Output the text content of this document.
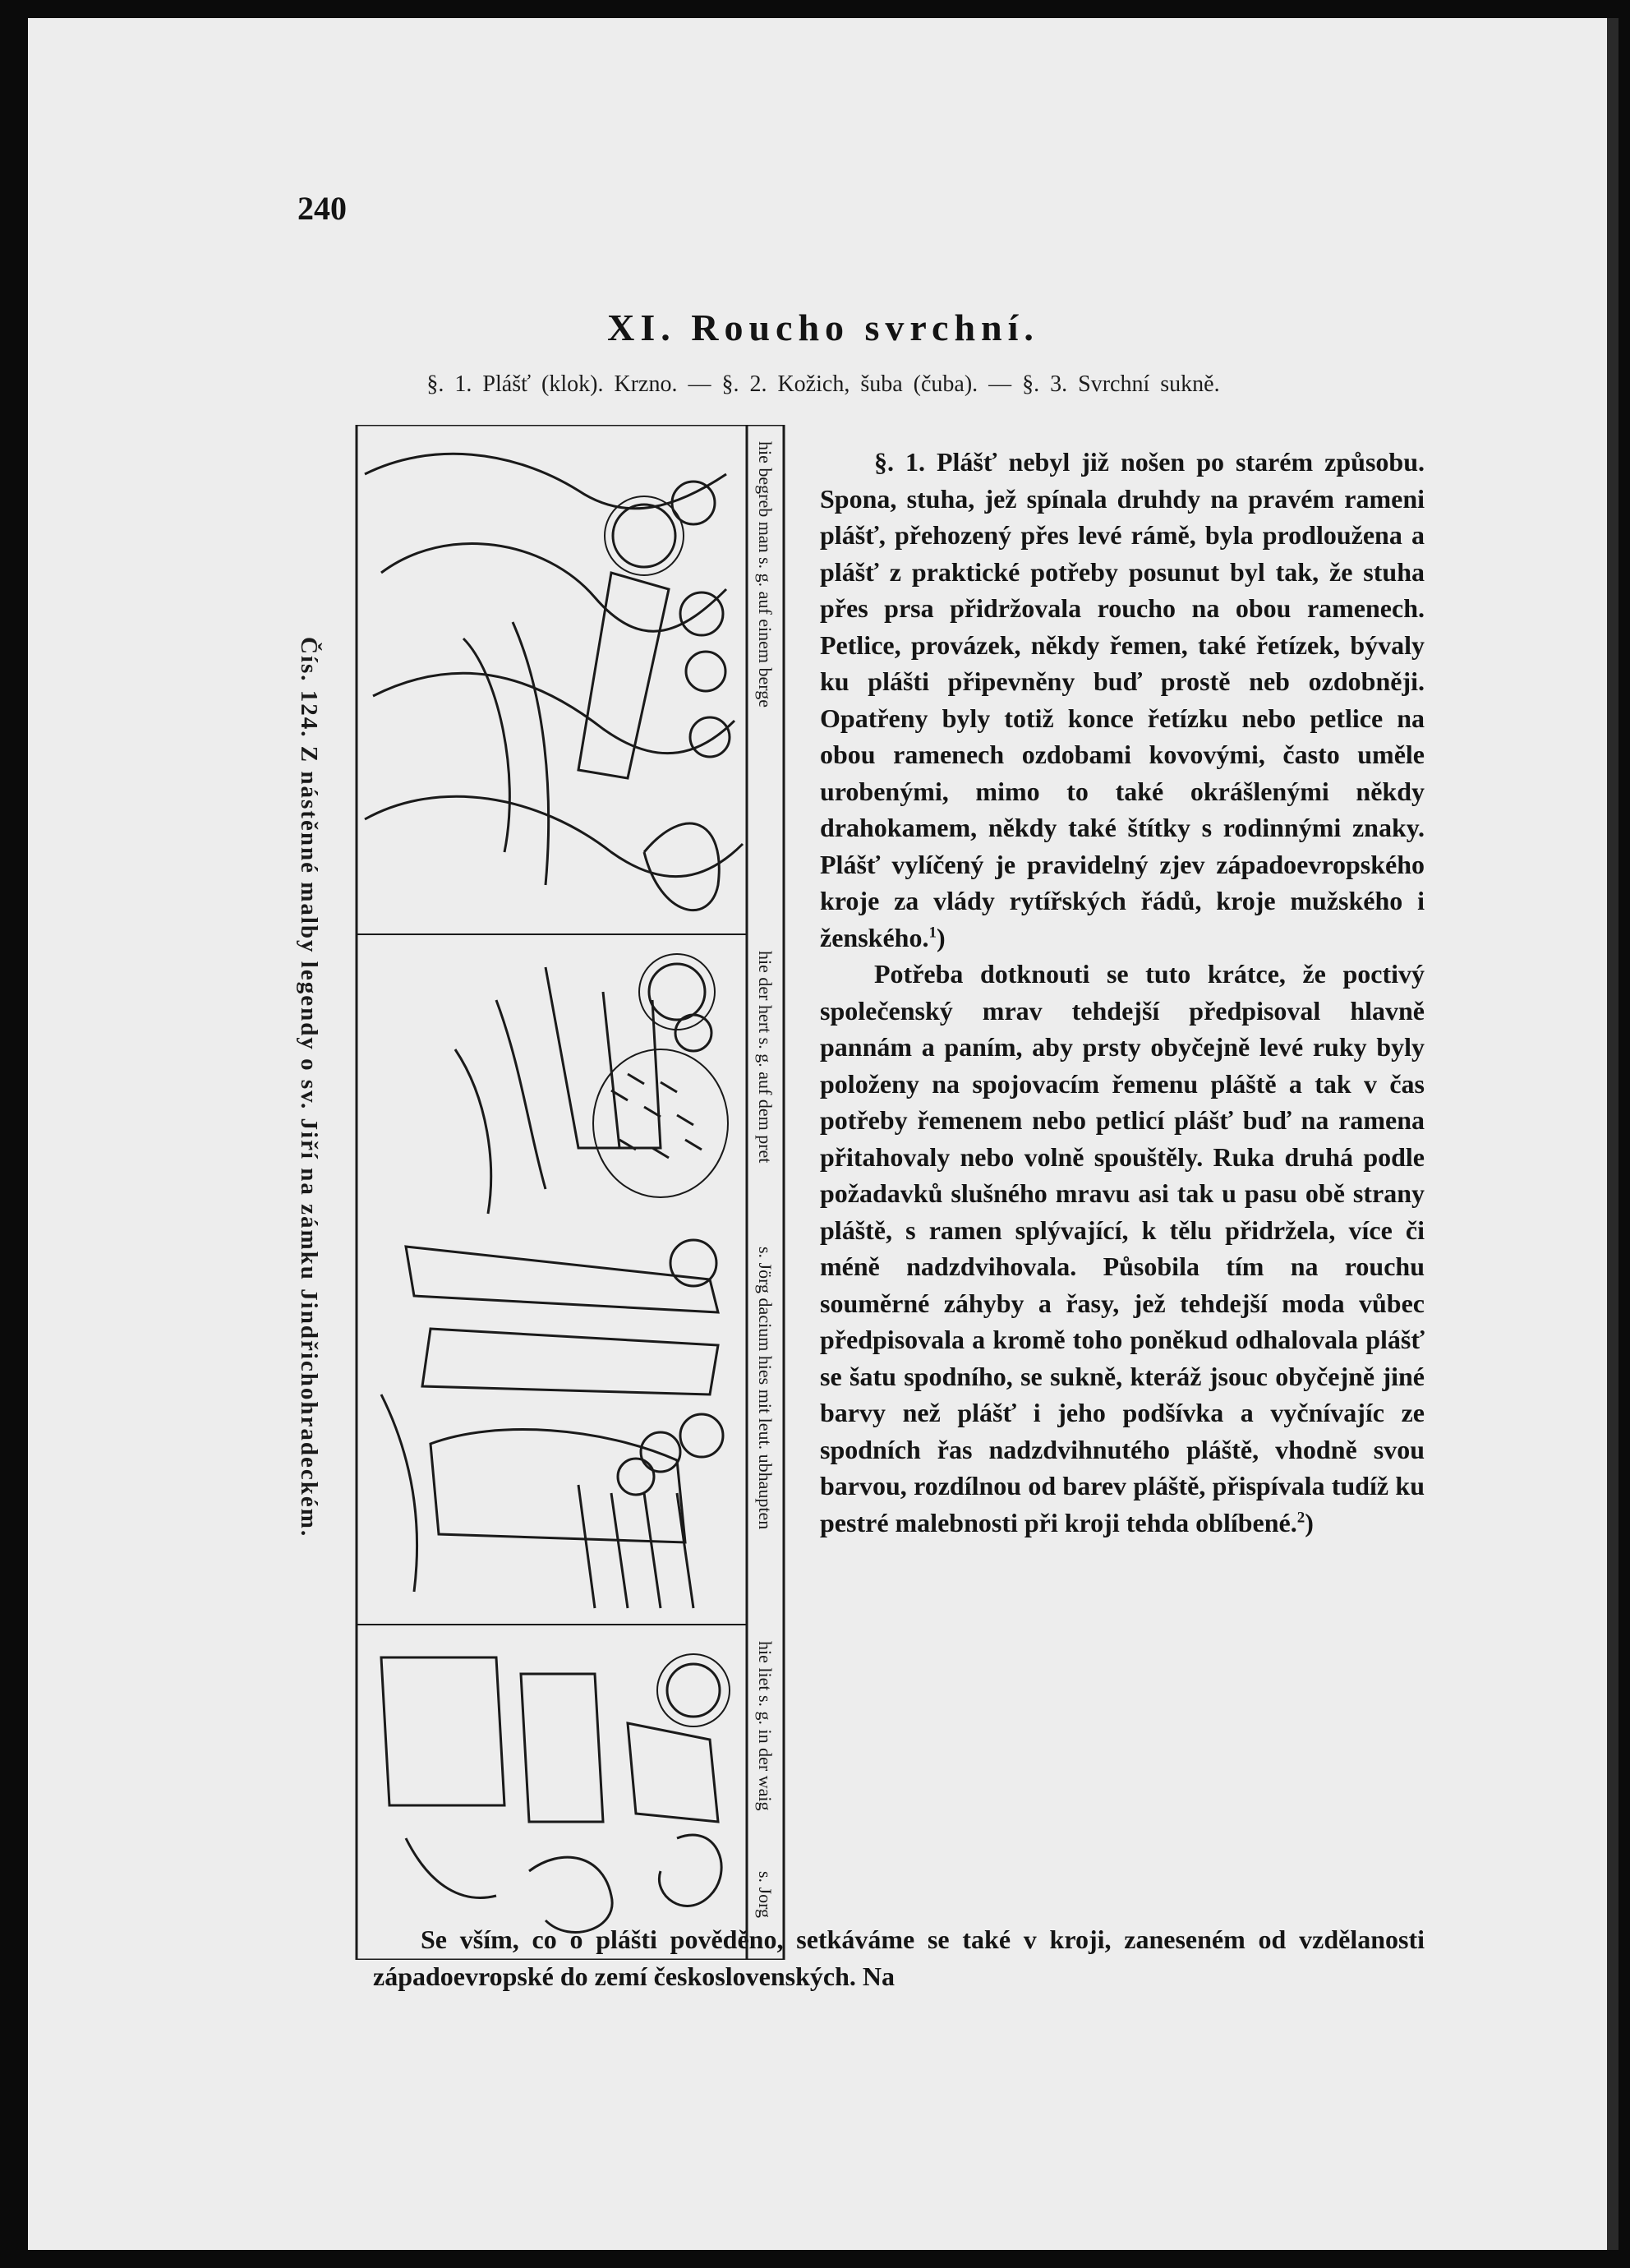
240
XI. Roucho svrchní.
§. 1. Plášť (klok). Krzno. — §. 2. Kožich, šuba (čuba). — §. 3. Svrchní sukně.
Čís. 124. Z nástěnné malby legendy o sv. Jiří na zámku Jindřichohradeckém.
hie begreb man s. g. auf einem berge
hie der hert s. g. auf dem pret
s. Jörg dacium hies mit leut. ubhaupten
hie liet s. g. in der waig
s. Jorg

§. 1. Plášť nebyl již nošen po starém způsobu. Spona, stuha, jež spínala druhdy na pravém rameni plášť, přehozený přes levé rámě, byla prodloužena a plášť z praktické potřeby posunut byl tak, že stuha přes prsa přidržovala roucho na obou ramenech. Petlice, provázek, někdy řemen, také řetízek, bývaly ku plášti připevněny buď prostě neb ozdobněji. Opatřeny byly totiž konce řetízku nebo petlice na obou ramenech ozdobami kovovými, často uměle urobenými, mimo to také okrášlenými někdy drahokamem, někdy také štítky s rodinnými znaky. Plášť vylíčený je pravidelný zjev západoevropského kroje za vlády rytířských řádů, kroje mužského i ženského.$^1$)

Potřeba dotknouti se tuto krátce, že poctivý společenský mrav tehdejší předpisoval hlavně pannám a paním, aby prsty obyčejně levé ruky byly položeny na spojovacím řemenu pláště a tak v čas potřeby řemenem nebo petlicí plášť buď na ramena přitahovaly nebo volně spouštěly. Ruka druhá podle požadavků slušného mravu asi tak u pasu obě strany pláště, s ramen splývající, k tělu přidržela, více či méně nadzdvihovala. Působila tím na rouchu souměrné záhyby a řasy, jež tehdejší moda vůbec předpisovala a kromě toho poněkud odhalovala plášť se šatu spodního, se sukně, kteráž jsouc obyčejně jiné barvy než plášť i jeho podšívka a vyčnívajíc ze spodních řas nadzdvihnutého pláště, vhodně svou barvou, rozdílnou od barev pláště, přispívala tudíž ku pestré malebnosti při kroji tehda oblíbené.$^2$)

Se vším, co o plášti pověděno, setkáváme se také v kroji, zaneseném od vzdělanosti západoevropské do zemí československých. Na
